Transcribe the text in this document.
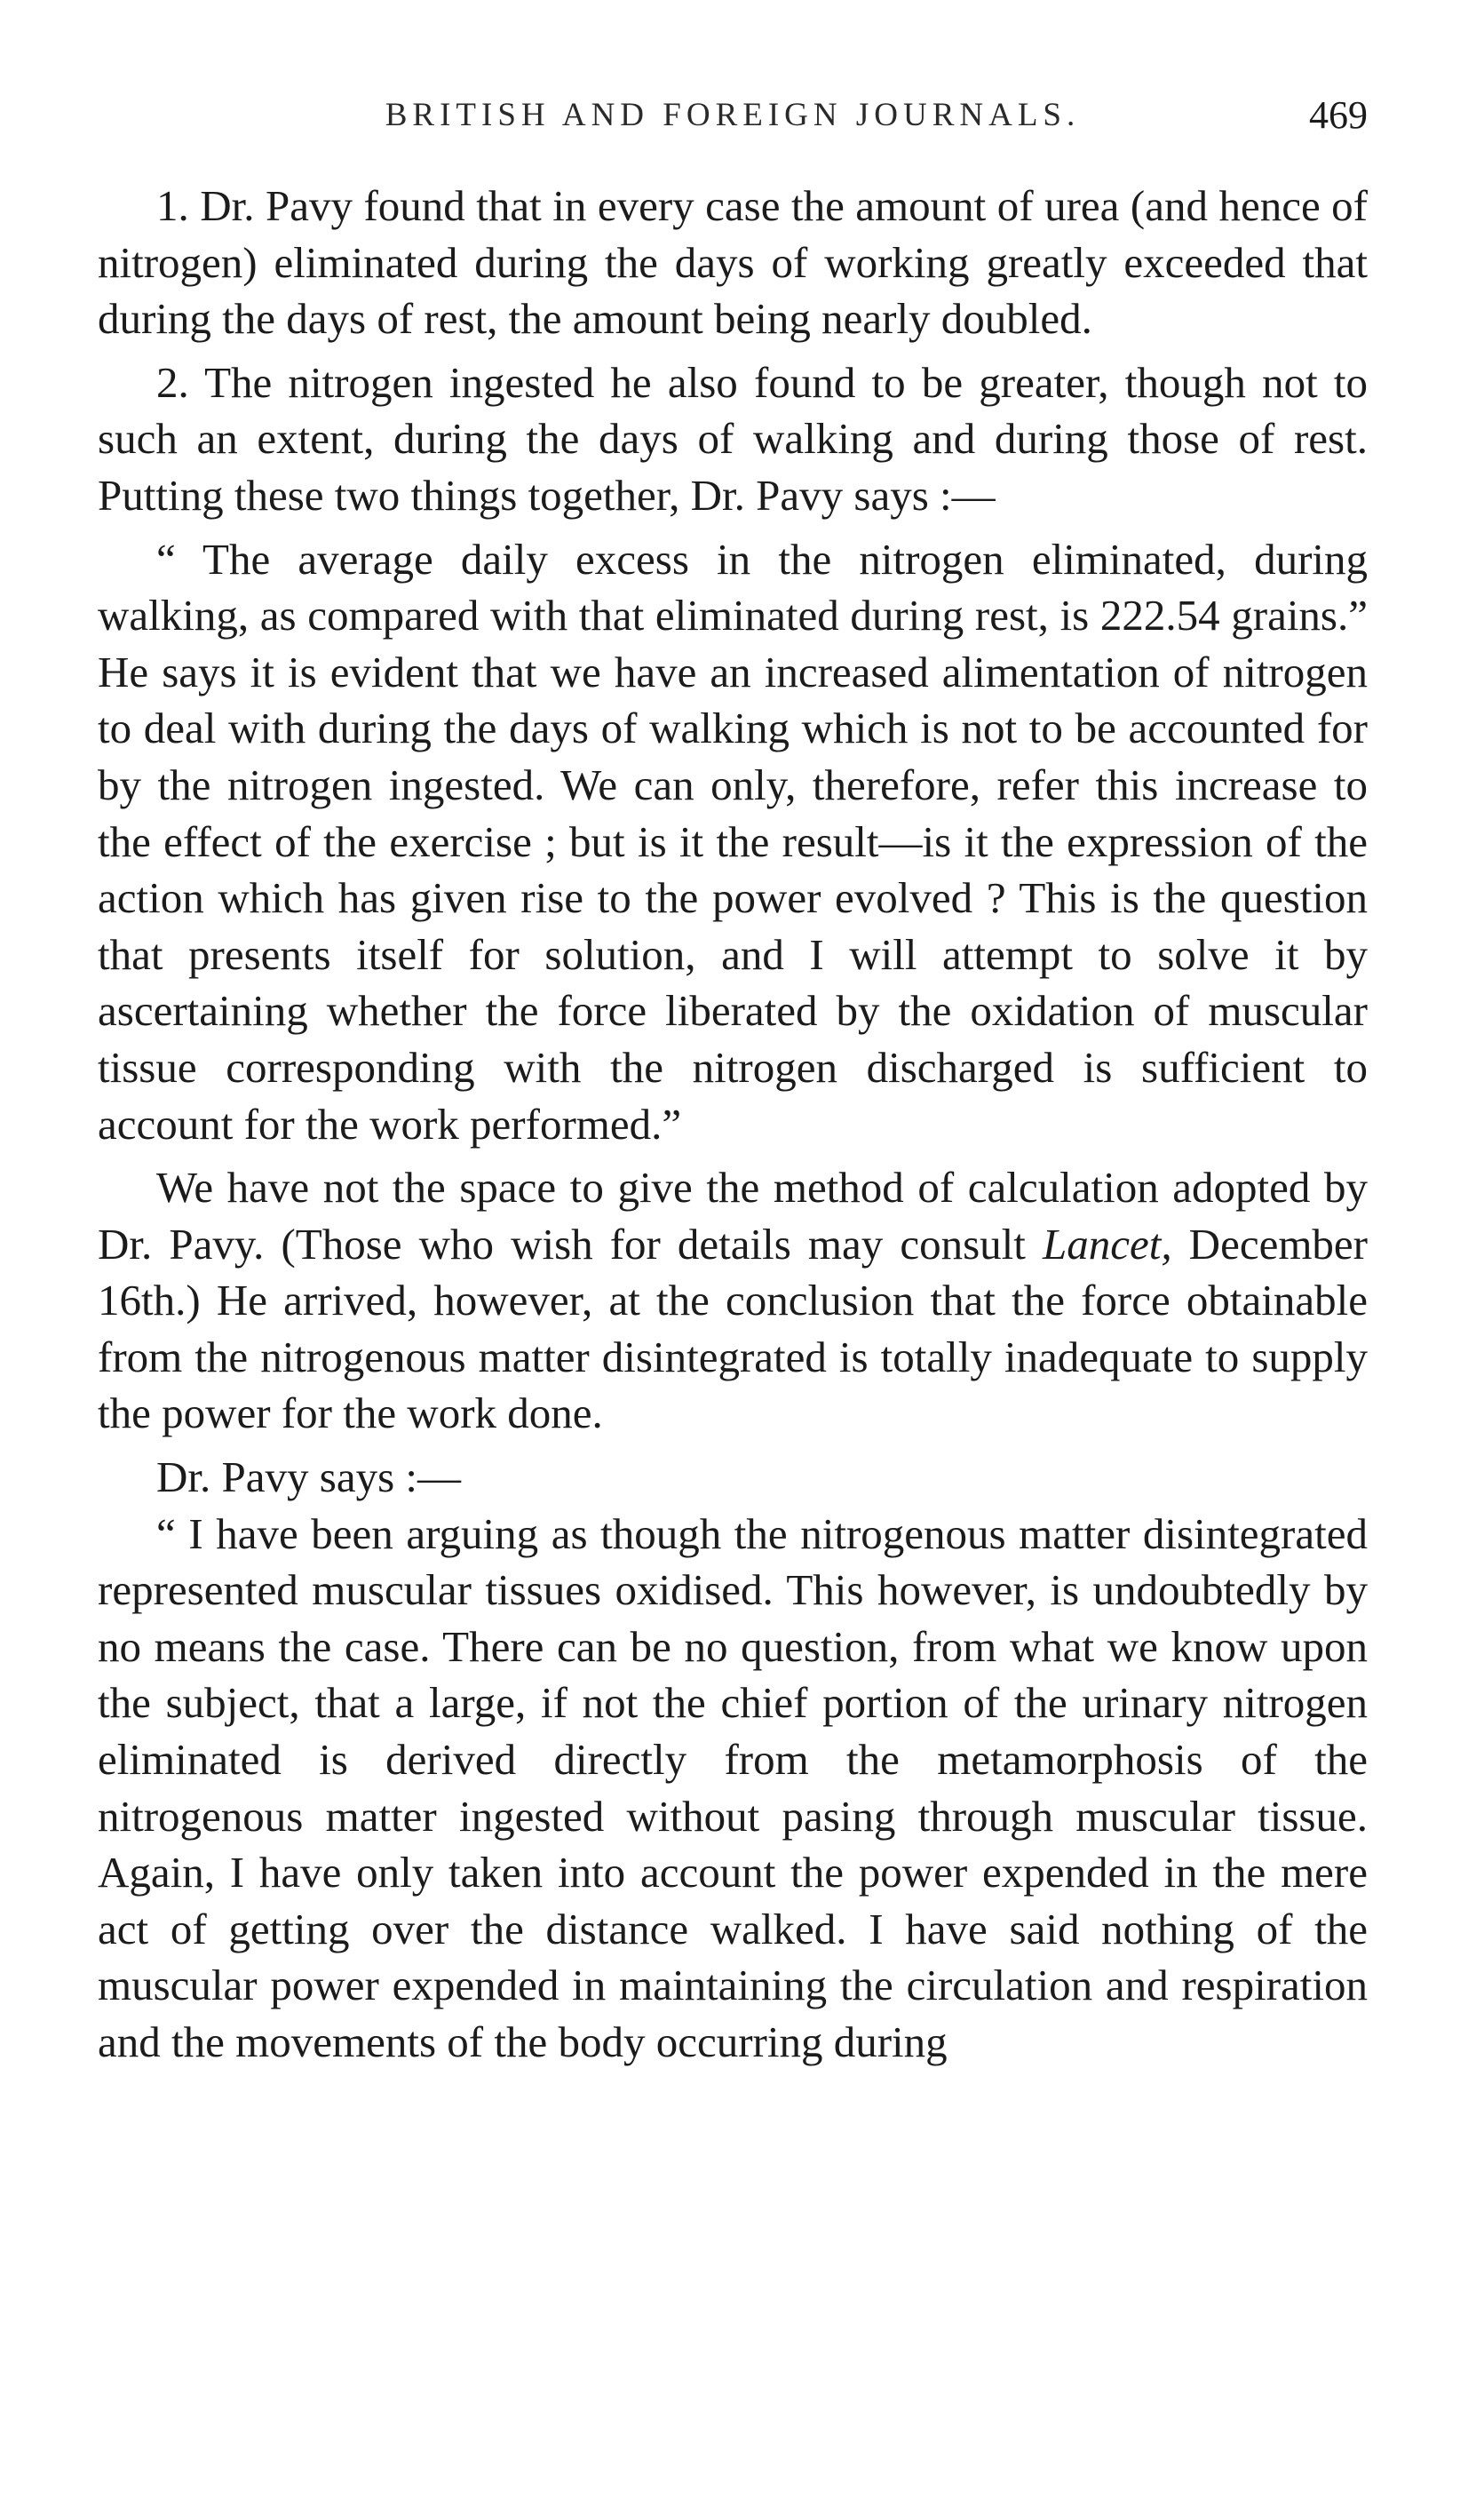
BRITISH AND FOREIGN JOURNALS.	469

1. Dr. Pavy found that in every case the amount of urea (and hence of nitrogen) eliminated during the days of working greatly exceeded that during the days of rest, the amount being nearly doubled.

2. The nitrogen ingested he also found to be greater, though not to such an extent, during the days of walking and during those of rest. Putting these two things together, Dr. Pavy says :—

“ The average daily excess in the nitrogen eliminated, during walking, as compared with that eliminated during rest, is 222.54 grains.” He says it is evident that we have an increased alimentation of nitrogen to deal with during the days of walking which is not to be accounted for by the nitrogen ingested. We can only, therefore, refer this increase to the effect of the exercise ; but is it the result—is it the expression of the action which has given rise to the power evolved ? This is the question that presents itself for solution, and I will attempt to solve it by ascertaining whether the force liberated by the oxidation of muscular tissue corresponding with the nitrogen discharged is sufficient to account for the work performed.”

We have not the space to give the method of calculation adopted by Dr. Pavy. (Those who wish for details may consult Lancet, December 16th.) He arrived, however, at the conclusion that the force obtainable from the nitrogenous matter disintegrated is totally inadequate to supply the power for the work done.

Dr. Pavy says :—

“ I have been arguing as though the nitrogenous matter disintegrated represented muscular tissues oxidised. This however, is undoubtedly by no means the case. There can be no question, from what we know upon the subject, that a large, if not the chief portion of the urinary nitrogen eliminated is derived directly from the metamorphosis of the nitrogenous matter ingested without pasing through muscular tissue. Again, I have only taken into account the power expended in the mere act of getting over the distance walked. I have said nothing of the muscular power expended in maintaining the circulation and respiration and the movements of the body occurring during
